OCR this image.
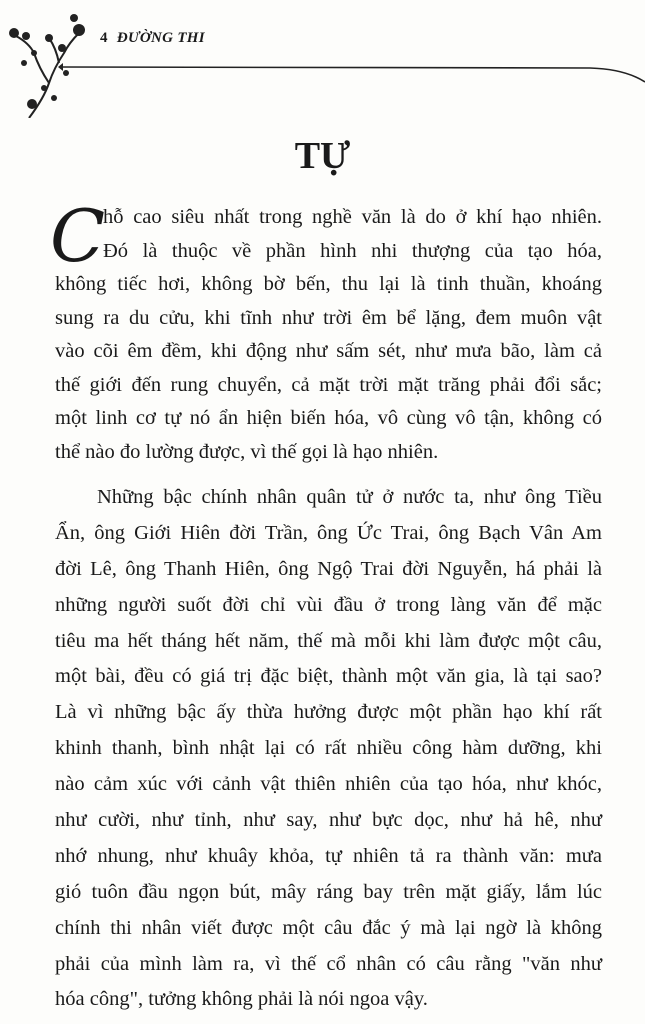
4 ĐƯỜNG THI
TỰ
C
hỗ cao siêu nhất trong nghề văn là do ở khí hạo nhiên.
Đó là thuộc về phần hình nhi thượng của tạo hóa,
không tiếc hơi, không bờ bến, thu lại là tinh thuần, khoáng
sung ra du cửu, khi tĩnh như trời êm bể lặng, đem muôn vật
vào cõi êm đềm, khi động như sấm sét, như mưa bão, làm cả
thế giới đến rung chuyển, cả mặt trời mặt trăng phải đổi sắc;
một linh cơ tự nó ẩn hiện biến hóa, vô cùng vô tận, không có
thể nào đo lường được, vì thế gọi là hạo nhiên.
Những bậc chính nhân quân tử ở nước ta, như ông Tiều
Ẩn, ông Giới Hiên đời Trần, ông Ức Trai, ông Bạch Vân Am
đời Lê, ông Thanh Hiên, ông Ngộ Trai đời Nguyễn, há phải là
những người suốt đời chỉ vùi đầu ở trong làng văn để mặc
tiêu ma hết tháng hết năm, thế mà mỗi khi làm được một câu,
một bài, đều có giá trị đặc biệt, thành một văn gia, là tại sao?
Là vì những bậc ấy thừa hưởng được một phần hạo khí rất
khinh thanh, bình nhật lại có rất nhiều công hàm dưỡng, khi
nào cảm xúc với cảnh vật thiên nhiên của tạo hóa, như khóc,
như cười, như tỉnh, như say, như bực dọc, như hả hê, như
nhớ nhung, như khuây khỏa, tự nhiên tả ra thành văn: mưa
gió tuôn đầu ngọn bút, mây ráng bay trên mặt giấy, lắm lúc
chính thi nhân viết được một câu đắc ý mà lại ngờ là không
phải của mình làm ra, vì thế cổ nhân có câu rằng "văn như
hóa công", tưởng không phải là nói ngoa vậy.
